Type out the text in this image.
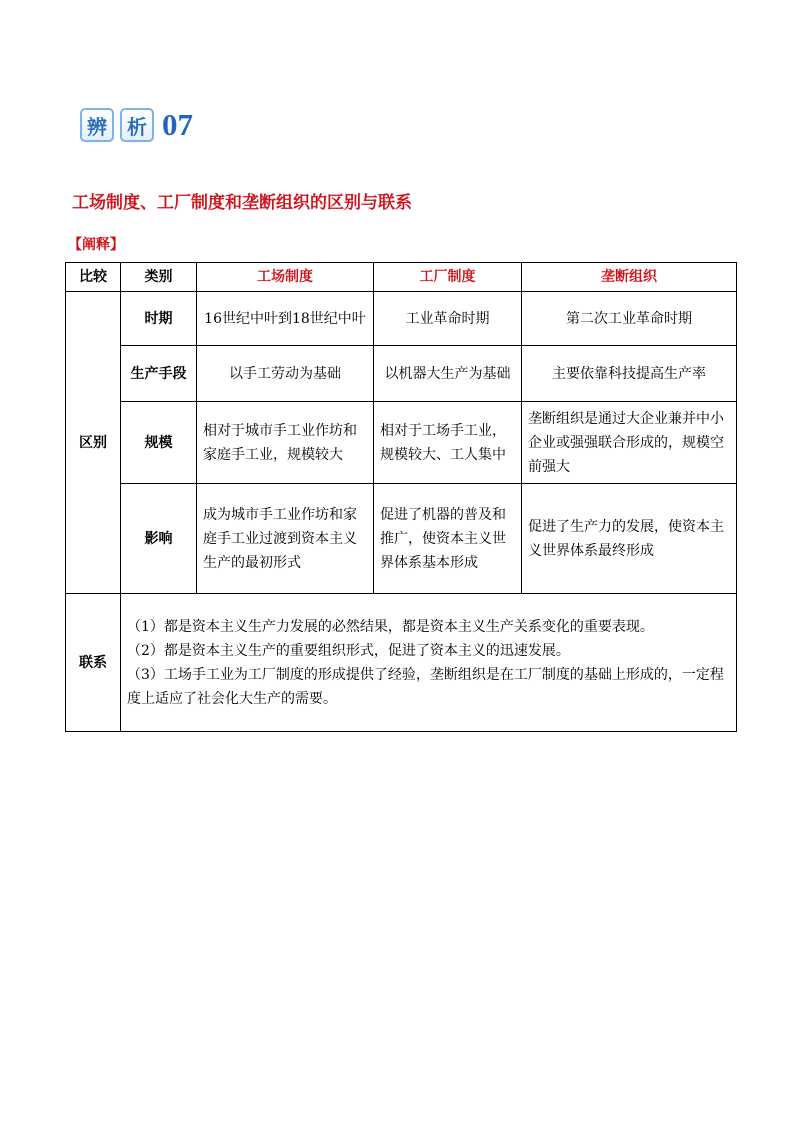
辨 析 07
工场制度、工厂制度和垄断组织的区别与联系
【阐释】
比较	类别	工场制度	工厂制度	垄断组织
区别	时期	16世纪中叶到18世纪中叶	工业革命时期	第二次工业革命时期
	生产手段	以手工劳动为基础	以机器大生产为基础	主要依靠科技提高生产率
	规模	相对于城市手工业作坊和家庭手工业，规模较大	相对于工场手工业，规模较大、工人集中	垄断组织是通过大企业兼并中小企业或强强联合形成的，规模空前强大
	影响	成为城市手工业作坊和家庭手工业过渡到资本主义生产的最初形式	促进了机器的普及和推广，使资本主义世界体系基本形成	促进了生产力的发展，使资本主义世界体系最终形成
联系	（1）都是资本主义生产力发展的必然结果，都是资本主义生产关系变化的重要表现。

（2）都是资本主义生产的重要组织形式，促进了资本主义的迅速发展。

（3）工场手工业为工厂制度的形成提供了经验，垄断组织是在工厂制度的基础上形成的，一定程度上适应了社会化大生产的需要。			
